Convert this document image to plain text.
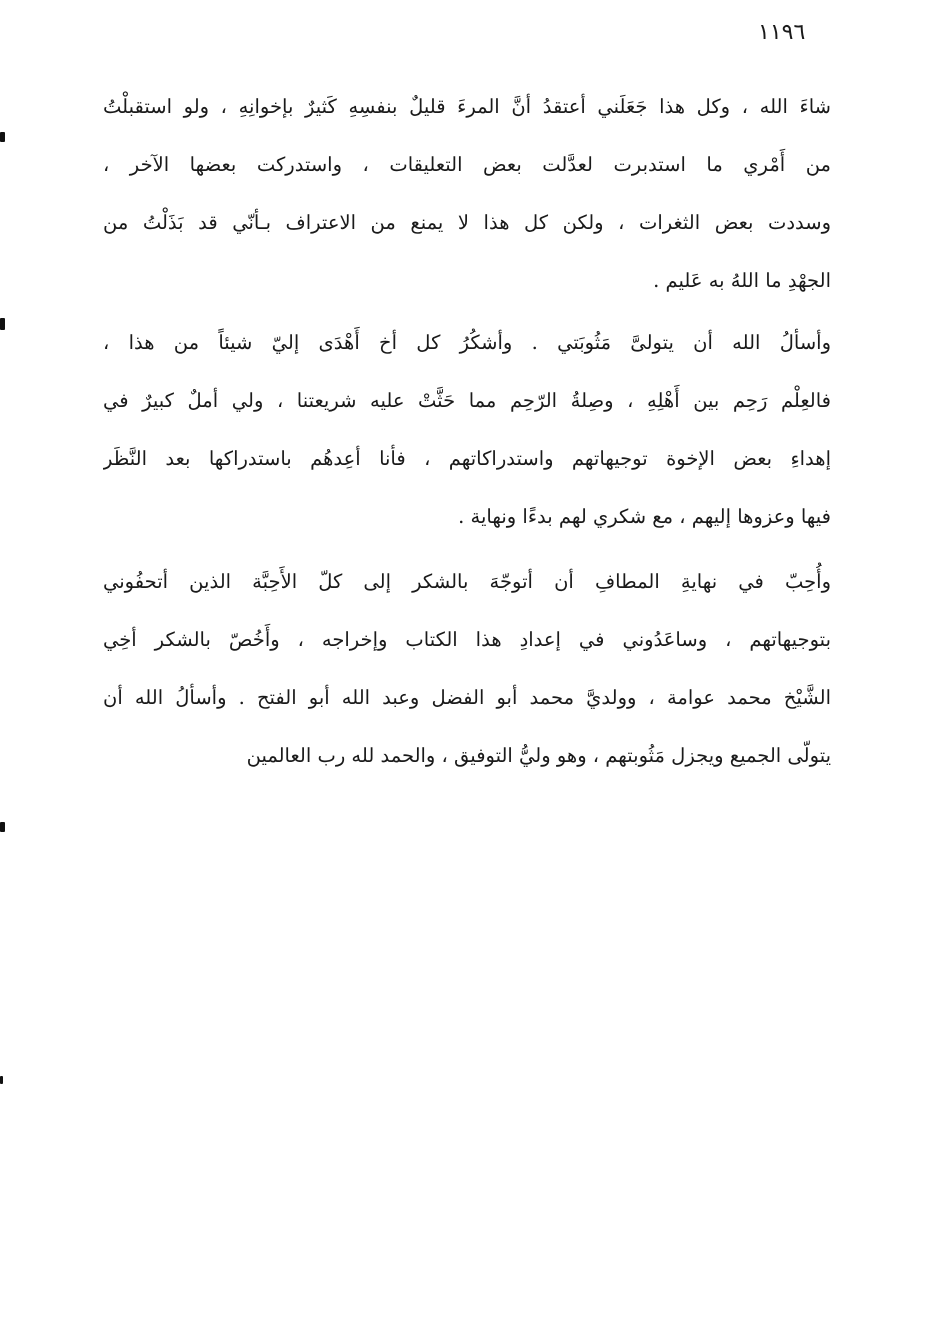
١١٩٦
شاءَ الله ، وكل هذا جَعَلَني أعتقدُ أنَّ المرءَ قليلٌ بنفسِهِ كَثيرٌ بإخوانِهِ ، ولو استقبلْتُ
من أَمْري ما استدبرت لعدَّلت بعض التعليقات ، واستدركت بعضها الآخر ،
وسددت بعض الثغرات ، ولكن كل هذا لا يمنع من الاعتراف بـأنّي قد بَذَلْتُ من
الجهْدِ ما اللهُ به عَليم .
وأسألُ الله أن يتولىَّ مَثُوبَتي . وأشكُرُ كل أخ أَهْدَى إليّ شيئاً من هذا ،
فالعِلْم رَحِم بين أَهْلِهِ ، وصِلةُ الرّحِم مما حَثَّتْ عليه شريعتنا ، ولي أملٌ كبيرٌ في
إهداءِ بعض الإخوة توجيهاتهم واستدراكاتهم ، فأنا أعِدهُم باستدراكها بعد النَّظَر
فيها وعزوها إليهم ، مع شكري لهم بدءًا ونهاية .
وأُحِبّ في نهايةِ المطافِ أن أتوجّهَ بالشكر إلى كلّ الأَحِبَّة الذين أتحفُوني
بتوجيهاتهم ، وساعَدُوني في إعدادِ هذا الكتاب وإخراجه ، وأَخُصّ بالشكر أخِي
الشَّيْخ محمد عوامة ، وولديَّ محمد أبو الفضل وعبد الله أبو الفتح . وأسألُ الله أن
يتولّى الجميع ويجزل مَثُوبتهم ، وهو وليُّ التوفيق ، والحمد لله رب العالمين
